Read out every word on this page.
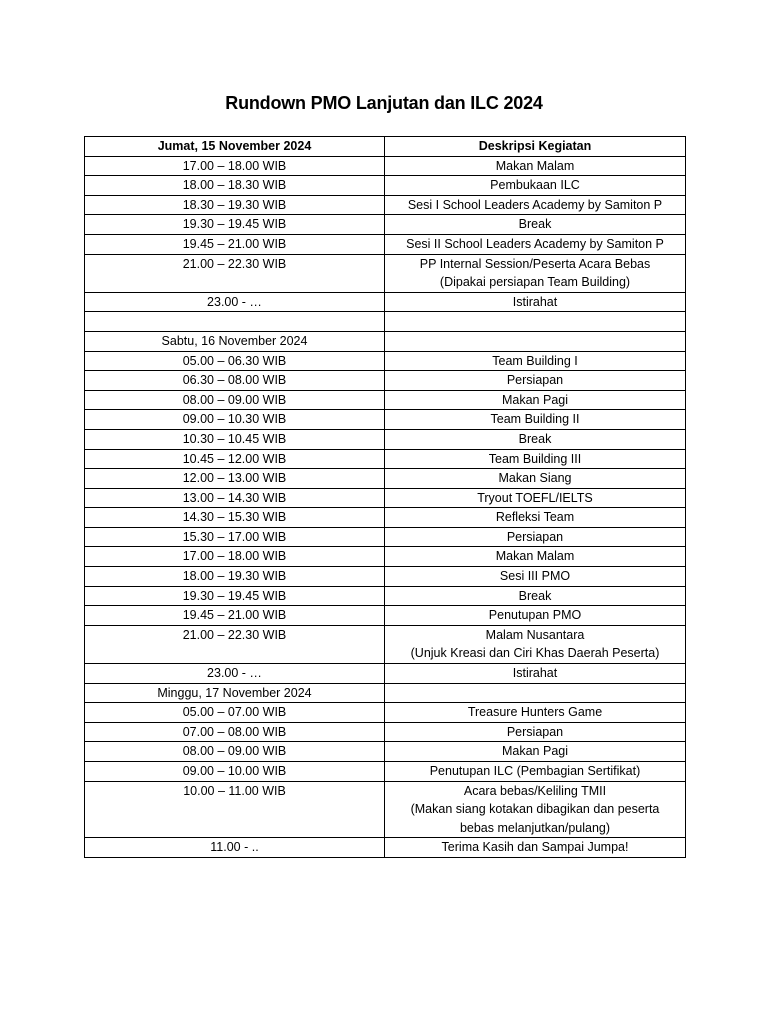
Rundown PMO Lanjutan dan ILC 2024
Jumat, 15 November 2024	Deskripsi Kegiatan
17.00 – 18.00 WIB	Makan Malam

18.00 – 18.30 WIB	Pembukaan ILC

18.30 – 19.30 WIB	Sesi I School Leaders Academy by Samiton P

19.30 – 19.45 WIB	Break

19.45 – 21.00 WIB	Sesi II School Leaders Academy by Samiton P

21.00 – 22.30 WIB	PP Internal Session/Peserta Acara Bebas
(Dipakai persiapan Team Building)

23.00 - …	Istirahat

Sabtu, 16 November 2024	

05.00 – 06.30 WIB	Team Building I

06.30 – 08.00 WIB	Persiapan

08.00 – 09.00 WIB	Makan Pagi

09.00 – 10.30 WIB	Team Building II

10.30 – 10.45 WIB	Break

10.45 – 12.00 WIB	Team Building III

12.00 – 13.00 WIB	Makan Siang

13.00 – 14.30 WIB	Tryout TOEFL/IELTS

14.30 – 15.30 WIB	Refleksi Team

15.30 – 17.00 WIB	Persiapan

17.00 – 18.00 WIB	Makan Malam

18.00 – 19.30 WIB	Sesi III PMO

19.30 – 19.45 WIB	Break

19.45 – 21.00 WIB	Penutupan PMO

21.00 – 22.30 WIB	Malam Nusantara
(Unjuk Kreasi dan Ciri Khas Daerah Peserta)

23.00 - …	Istirahat

Minggu, 17 November 2024	

05.00 – 07.00 WIB	Treasure Hunters Game

07.00 – 08.00 WIB	Persiapan

08.00 – 09.00 WIB	Makan Pagi

09.00 – 10.00 WIB	Penutupan ILC (Pembagian Sertifikat)

10.00 – 11.00 WIB	Acara bebas/Keliling TMII
(Makan siang kotakan dibagikan dan peserta
bebas melanjutkan/pulang)

11.00 - ..	Terima Kasih dan Sampai Jumpa!
